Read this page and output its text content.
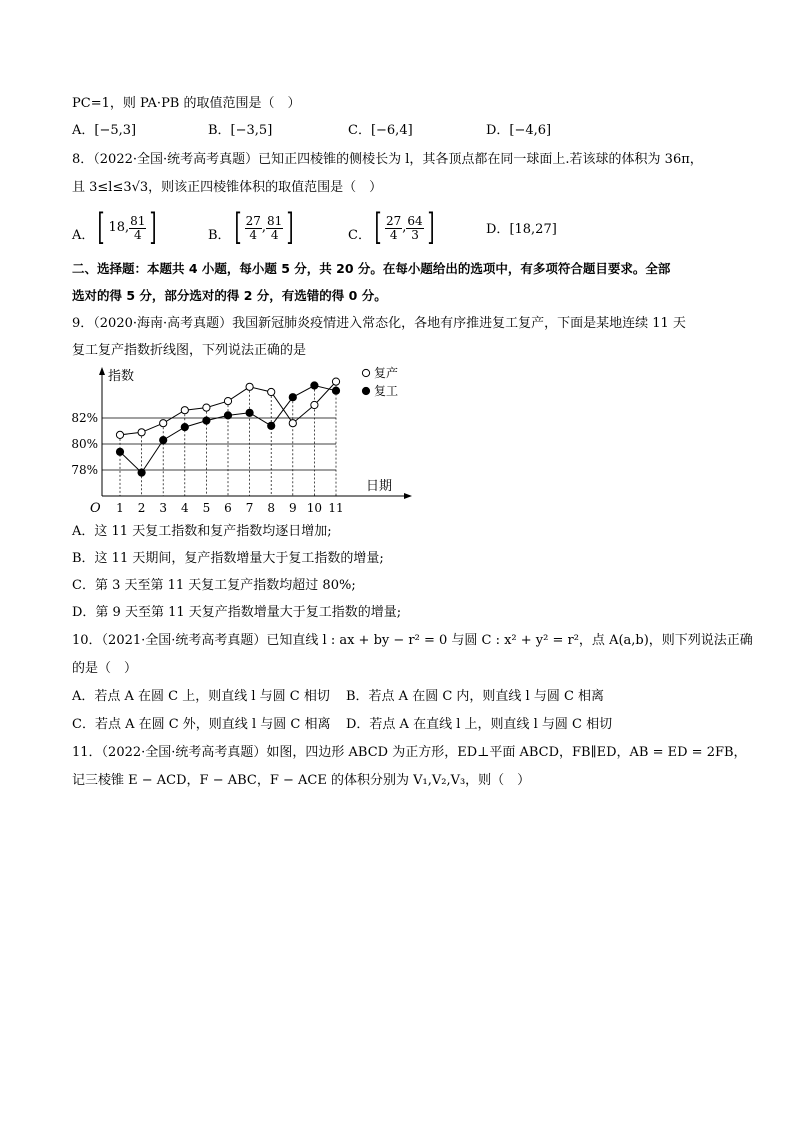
PC=1，则 PA·PB 的取值范围是（　）
A．[−5,3]	B．[−3,5]	C．[−6,4]	D．[−4,6]
8．（2022·全国·统考高考真题）已知正四棱锥的侧棱长为 l，其各顶点都在同一球面上.若该球的体积为 36π，
且 3≤l≤3√3，则该正四棱锥体积的取值范围是（　）
A． [ 18 , $\frac{81}{4}$ ]	B． [ $\frac{27}{4}$ , $\frac{81}{4}$ ]	C． [ $\frac{27}{4}$ , $\frac{64}{3}$ ]	D．[18,27]
二、选择题：本题共 4 小题，每小题 5 分，共 20 分。在每小题给出的选项中，有多项符合题目要求。全部
选对的得 5 分，部分选对的得 2 分，有选错的得 0 分。
9．（2020·海南·高考真题）我国新冠肺炎疫情进入常态化，各地有序推进复工复产，下面是某地连续 11 天
复工复产指数折线图，下列说法正确的是
78%
80%
82%
1 2 3 4 5 6 7 8 9 10 11
指数
日期
O
复产
复工
A．这 11 天复工指数和复产指数均逐日增加;
B．这 11 天期间，复产指数增量大于复工指数的增量;
C．第 3 天至第 11 天复工复产指数均超过 80%;
D．第 9 天至第 11 天复产指数增量大于复工指数的增量;
10．（2021·全国·统考高考真题）已知直线 l : ax + by − r² = 0 与圆 C : x² + y² = r²，点 A(a,b)，则下列说法正确
的是（　）
A．若点 A 在圆 C 上，则直线 l 与圆 C 相切 B．若点 A 在圆 C 内，则直线 l 与圆 C 相离
C．若点 A 在圆 C 外，则直线 l 与圆 C 相离 D．若点 A 在直线 l 上，则直线 l 与圆 C 相切
11．（2022·全国·统考高考真题）如图，四边形 ABCD 为正方形，ED⊥平面 ABCD，FB∥ED，AB = ED = 2FB，
记三棱锥 E − ACD，F − ABC，F − ACE 的体积分别为 V₁,V₂,V₃，则（　）
